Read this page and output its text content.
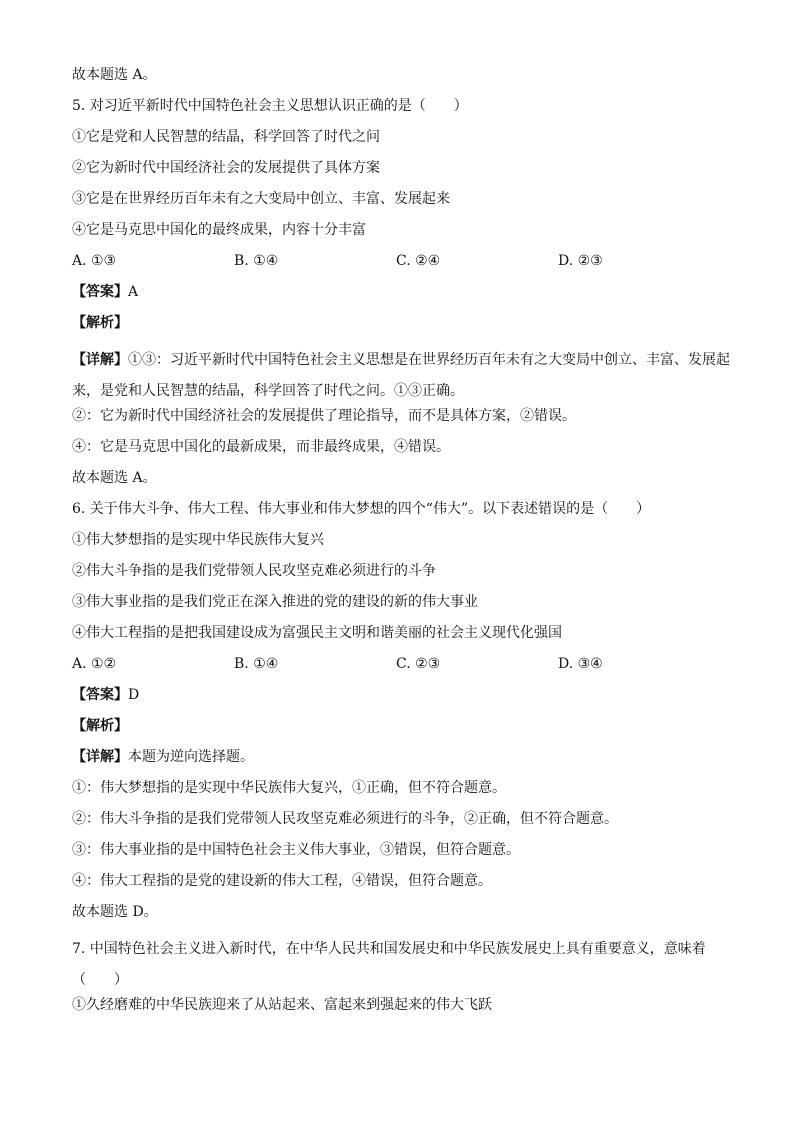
故本题选 A。
5. 对习近平新时代中国特色社会主义思想认识正确的是（　　）
①它是党和人民智慧的结晶，科学回答了时代之问
②它为新时代中国经济社会的发展提供了具体方案
③它是在世界经历百年未有之大变局中创立、丰富、发展起来
④它是马克思中国化的最终成果，内容十分丰富
A. ①③	B. ①④	C. ②④	D. ②③
【答案】A
【解析】
【详解】①③：习近平新时代中国特色社会主义思想是在世界经历百年未有之大变局中创立、丰富、发展起来，是党和人民智慧的结晶，科学回答了时代之问。①③正确。
②：它为新时代中国经济社会的发展提供了理论指导，而不是具体方案，②错误。
④：它是马克思中国化的最新成果，而非最终成果，④错误。
故本题选 A。
6. 关于伟大斗争、伟大工程、伟大事业和伟大梦想的四个“伟大”。以下表述错误的是（　　）
①伟大梦想指的是实现中华民族伟大复兴
②伟大斗争指的是我们党带领人民攻坚克难必须进行的斗争
③伟大事业指的是我们党正在深入推进的党的建设的新的伟大事业
④伟大工程指的是把我国建设成为富强民主文明和谐美丽的社会主义现代化强国
A. ①②	B. ①④	C. ②③	D. ③④
【答案】D
【解析】
【详解】本题为逆向选择题。
①：伟大梦想指的是实现中华民族伟大复兴，①正确，但不符合题意。
②：伟大斗争指的是我们党带领人民攻坚克难必须进行的斗争，②正确，但不符合题意。
③：伟大事业指的是中国特色社会主义伟大事业，③错误，但符合题意。
④：伟大工程指的是党的建设新的伟大工程，④错误，但符合题意。
故本题选 D。
7. 中国特色社会主义进入新时代，在中华人民共和国发展史和中华民族发展史上具有重要意义，意味着（　　）
①久经磨难的中华民族迎来了从站起来、富起来到强起来的伟大飞跃
